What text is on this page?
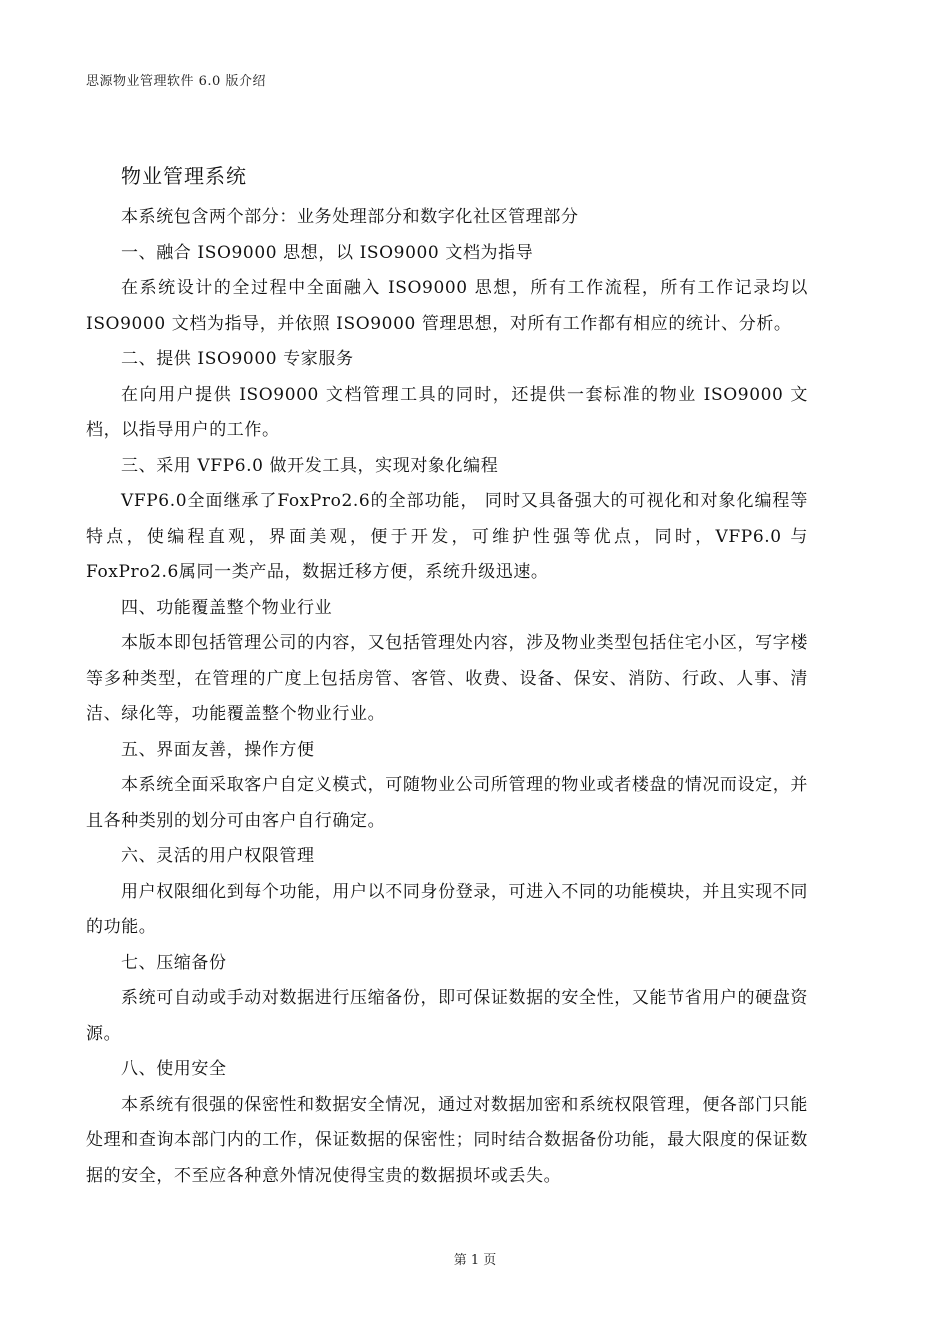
思源物业管理软件 6.0 版介绍
物业管理系统

本系统包含两个部分：业务处理部分和数字化社区管理部分

一、融合 ISO9000 思想，以 ISO9000 文档为指导

在系统设计的全过程中全面融入 ISO9000 思想，所有工作流程，所有工作记录均以ISO9000 文档为指导，并依照 ISO9000 管理思想，对所有工作都有相应的统计、分析。

二、提供 ISO9000 专家服务

在向用户提供 ISO9000 文档管理工具的同时，还提供一套标准的物业 ISO9000 文档，以指导用户的工作。

三、采用 VFP6.0 做开发工具，实现对象化编程

VFP6.0全面继承了FoxPro2.6的全部功能， 同时又具备强大的可视化和对象化编程等特点，使编程直观，界面美观，便于开发，可维护性强等优点，同时，VFP6.0 与FoxPro2.6属同一类产品，数据迁移方便，系统升级迅速。

四、功能覆盖整个物业行业

本版本即包括管理公司的内容，又包括管理处内容，涉及物业类型包括住宅小区，写字楼等多种类型，在管理的广度上包括房管、客管、收费、设备、保安、消防、行政、人事、清洁、绿化等，功能覆盖整个物业行业。

五、界面友善，操作方便

本系统全面采取客户自定义模式，可随物业公司所管理的物业或者楼盘的情况而设定，并且各种类别的划分可由客户自行确定。

六、灵活的用户权限管理

用户权限细化到每个功能，用户以不同身份登录，可进入不同的功能模块，并且实现不同的功能。

七、压缩备份

系统可自动或手动对数据进行压缩备份，即可保证数据的安全性，又能节省用户的硬盘资源。

八、使用安全

本系统有很强的保密性和数据安全情况，通过对数据加密和系统权限管理，便各部门只能处理和查询本部门内的工作，保证数据的保密性；同时结合数据备份功能，最大限度的保证数据的安全，不至应各种意外情况使得宝贵的数据损坏或丢失。

第 1 页
